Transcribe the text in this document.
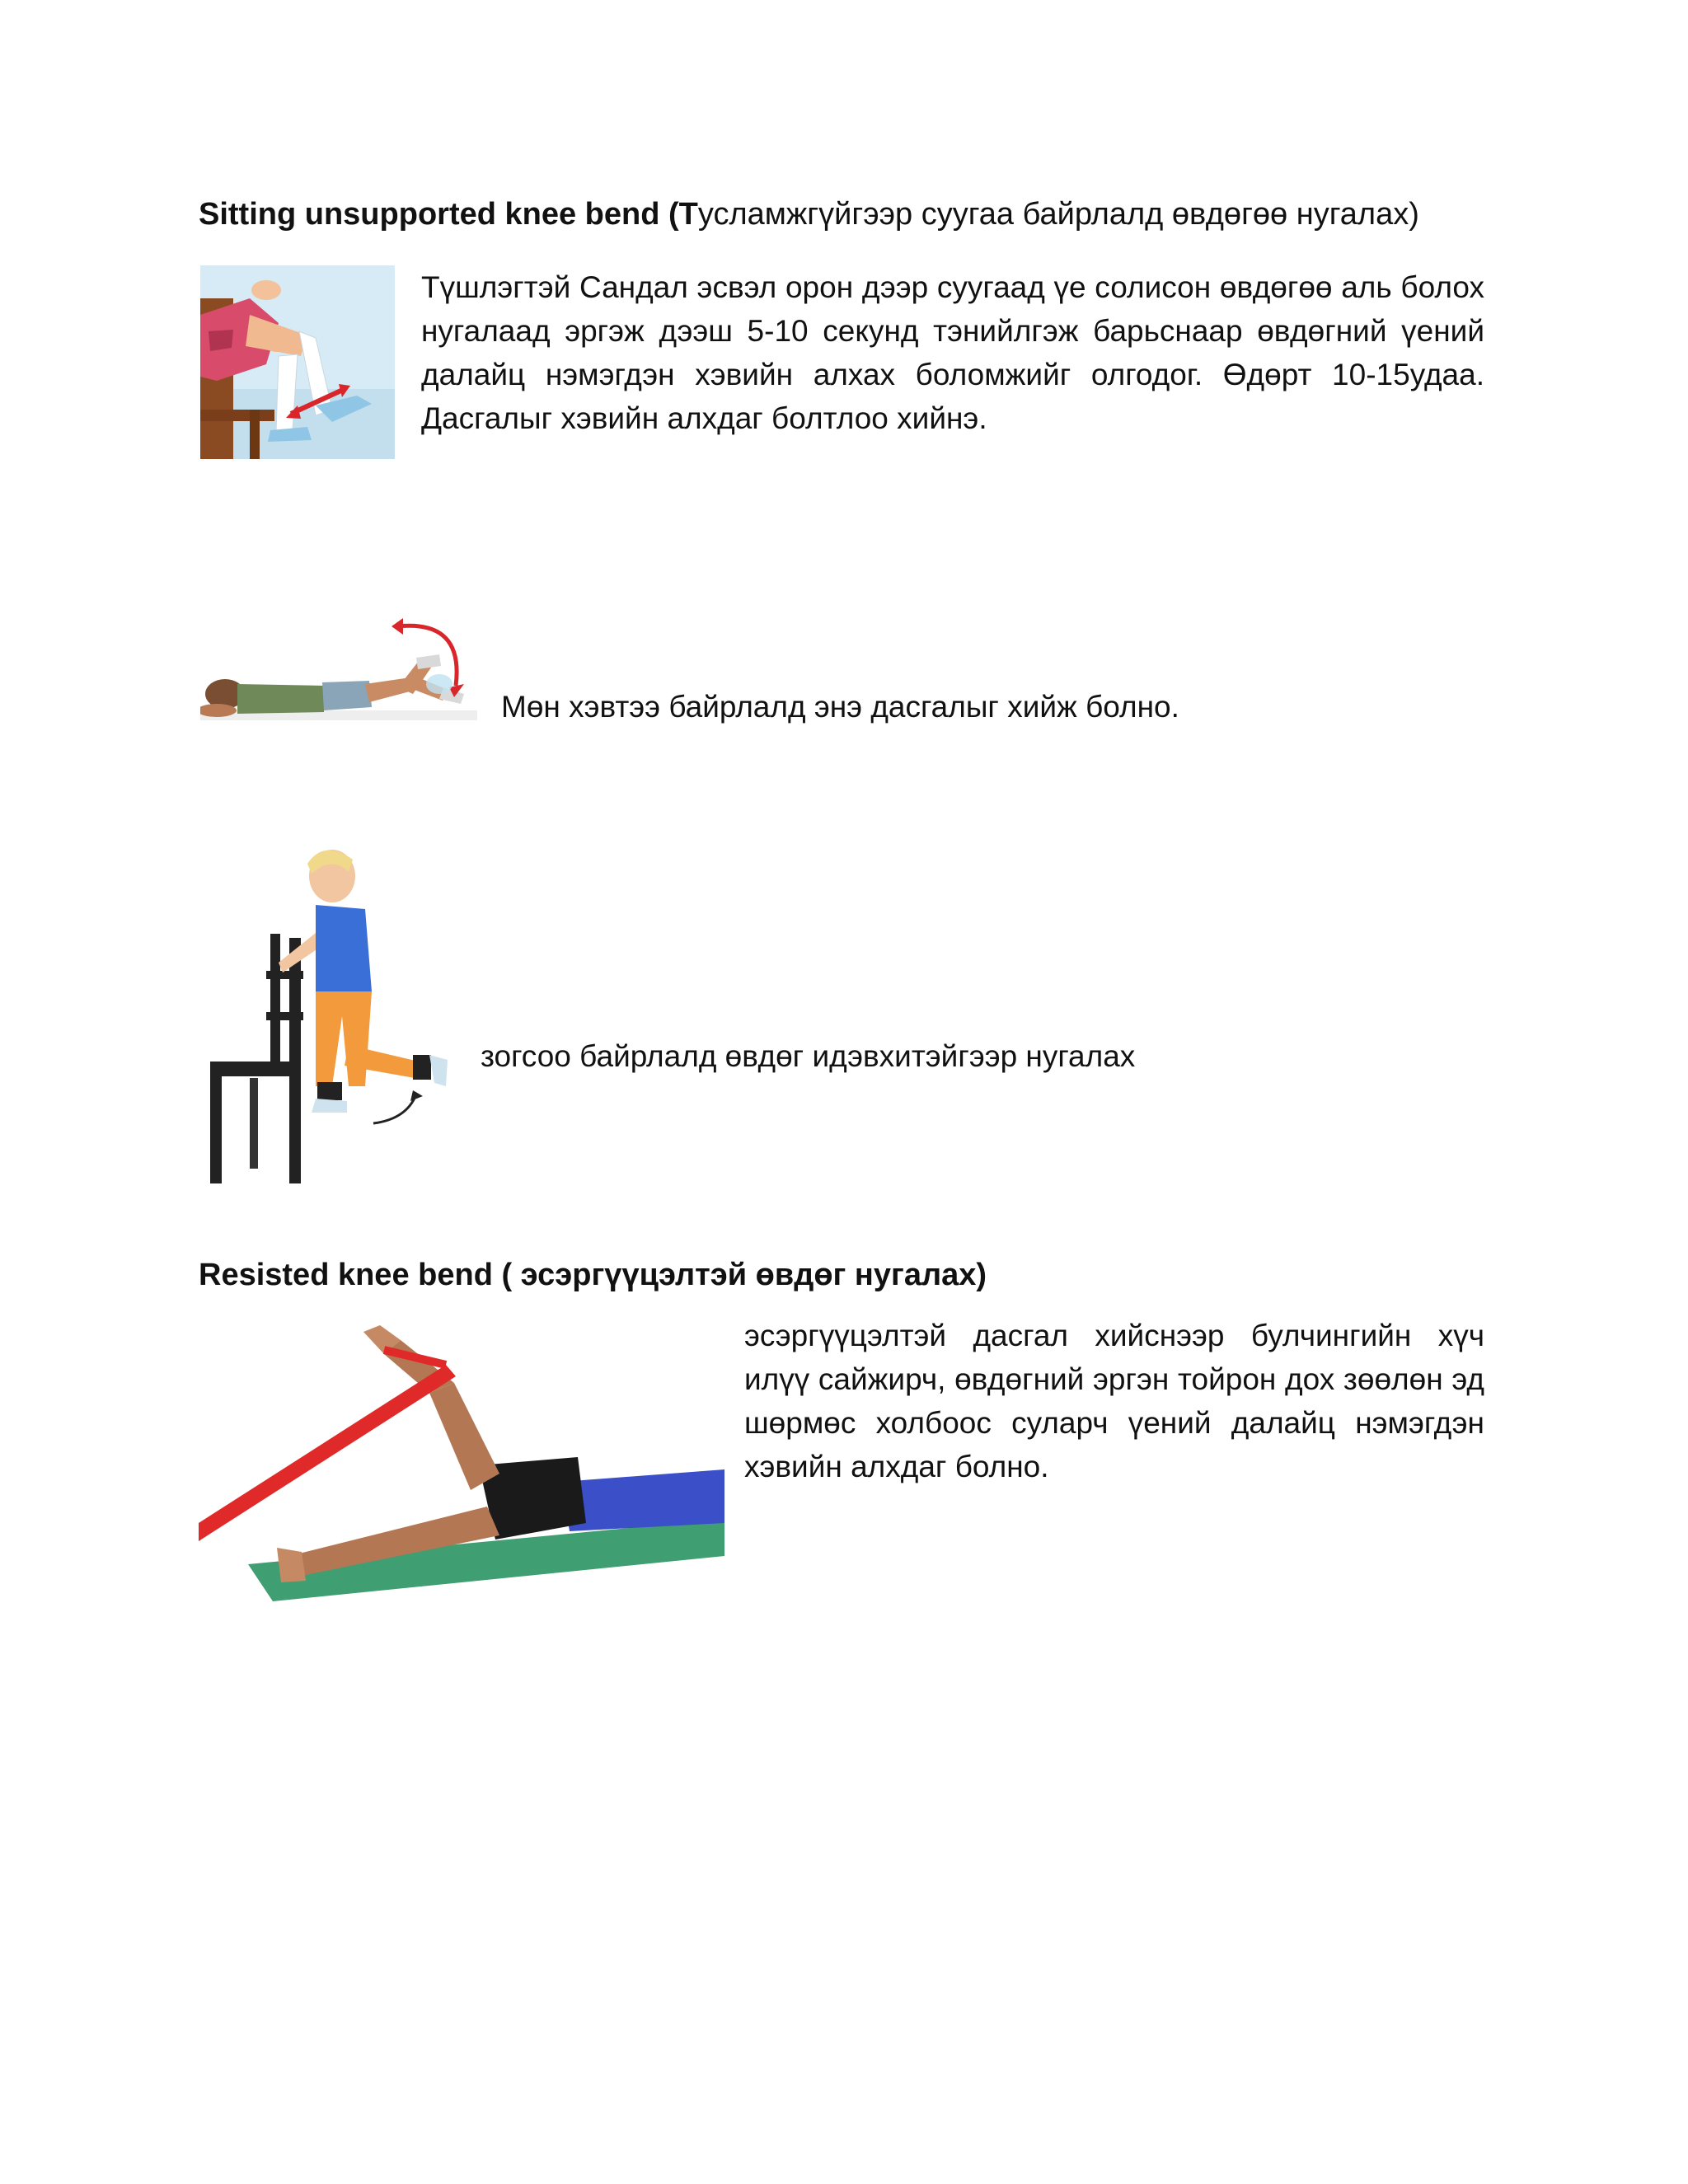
Sitting unsupported knee bend (Тусламжгүйгээр суугаа байрлалд өвдөгөө нугалах)
Түшлэгтэй Сандал эсвэл орон дээр суугаад үе солисон өвдөгөө аль болох нугалаад эргэж дээш 5-10 секунд тэнийлгэж барьснаар өвдөгний үений далайц нэмэгдэн хэвийн алхах боломжийг олгодог. Өдөрт 10-15удаа. Дасгалыг хэвийн алхдаг болтлоо хийнэ.
Мөн хэвтээ байрлалд энэ дасгалыг хийж болно.
зогсоо байрлалд өвдөг идэвхитэйгээр нугалах
Resisted knee bend ( эсэргүүцэлтэй өвдөг нугалах)
эсэргүүцэлтэй дасгал хийснээр булчингийн хүч илүү сайжирч, өвдөгний эргэн тойрон дох зөөлөн эд шөрмөс холбоос суларч үений далайц нэмэгдэн хэвийн алхдаг болно.
